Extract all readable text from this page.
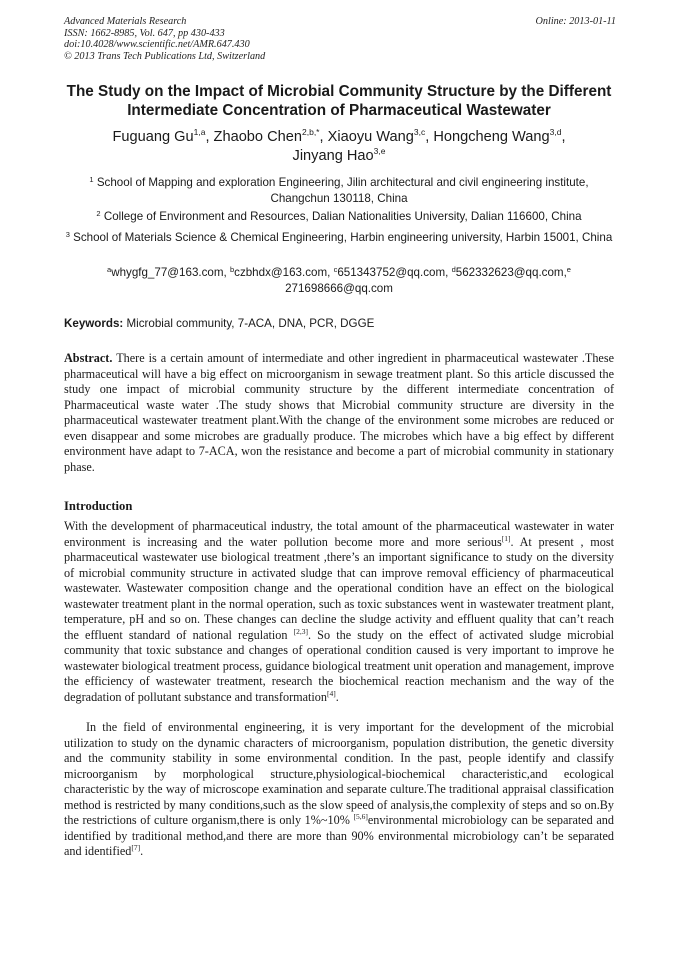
Advanced Materials Research
ISSN: 1662-8985, Vol. 647, pp 430-433
doi:10.4028/www.scientific.net/AMR.647.430
© 2013 Trans Tech Publications Ltd, Switzerland
Online: 2013-01-11
The Study on the Impact of Microbial Community Structure by the Different Intermediate Concentration of Pharmaceutical Wastewater
Fuguang Gu$^{1,a}$, Zhaobo Chen$^{2,b,*}$, Xiaoyu Wang$^{3,c}$, Hongcheng Wang$^{3,d}$,
Jinyang Hao$^{3,e}$
$^1$ School of Mapping and exploration Engineering, Jilin architectural and civil engineering institute, Changchun 130118, China
$^2$ College of Environment and Resources, Dalian Nationalities University, Dalian 116600, China
$^3$ School of Materials Science & Chemical Engineering, Harbin engineering university, Harbin 15001, China
$^a$whygfg_77@163.com, $^b$czbhdx@163.com, $^c$651343752@qq.com, $^d$562332623@qq.com,$^e$
271698666@qq.com
Keywords: Microbial community, 7-ACA, DNA, PCR, DGGE
Abstract. There is a certain amount of intermediate and other ingredient in pharmaceutical wastewater .These pharmaceutical will have a big effect on microorganism in sewage treatment plant. So this article discussed the study one impact of microbial community structure by the different intermediate concentration of Pharmaceutical waste water .The study shows that Microbial community structure are diversity in the pharmaceutical wastewater treatment plant.With the change of the environment some microbes are reduced or even disappear and some microbes are gradually produce. The microbes which have a big effect by different environment have adapt to 7-ACA, won the resistance and become a part of microbial community in stationary phase.
Introduction
With the development of pharmaceutical industry, the total amount of the pharmaceutical wastewater in water environment is increasing and the water pollution become more and more serious[1]. At present , most pharmaceutical wastewater use biological treatment ,there’s an important significance to study on the diversity of microbial community structure in activated sludge that can improve removal efficiency of pharmaceutical wastewater. Wastewater composition change and the operational condition have an effect on the biological wastewater treatment plant in the normal operation, such as toxic substances went in wastewater treatment plant, temperature, pH and so on. These changes can decline the sludge activity and effluent quality that can’t reach the effluent standard of national regulation [2,3]. So the study on the effect of activated sludge microbial community that toxic substance and changes of operational condition caused is very important to improve he wastewater biological treatment process, guidance biological treatment unit operation and management, improve the efficiency of wastewater treatment, research the biochemical reaction mechanism and the way of the degradation of pollutant substance and transformation[4].
In the field of environmental engineering, it is very important for the development of the microbial utilization to study on the dynamic characters of microorganism, population distribution, the genetic diversity and the community stability in some environmental condition. In the past, people identify and classify microorganism by morphological structure,physiological-biochemical characteristic,and ecological characteristic by the way of microscope examination and separate culture.The traditional appraisal classification method is restricted by many conditions,such as the slow speed of analysis,the complexity of steps and so on.By the restrictions of culture organism,there is only 1%~10% [5,6]environmental microbiology can be separated and identified by traditional method,and there are more than 90% environmental microbiology can’t be separated and identified[7].
